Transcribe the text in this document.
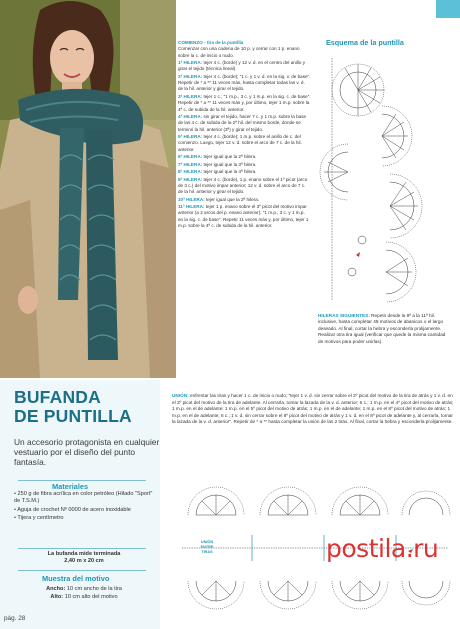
COMIENZO - tira de la puntilla
Comenzar con una cadena de 10 p. y cerrar con 1 p. enano sobre la c. de inicio o nudo.

1ª HILERA: tejer 4 c. (borde) y 12 v. d. en el centro del anillo y girar el tejido (técnica lineal).

2ª HILERA: tejer 4 c. (borde); "1 c. y 1 v. d. en la sig. v. de base". Repetir de * a ** 11 veces más, hasta completar todas las v. d. de la hil. anterior y girar el tejido.

3ª HILERA: tejer 1 c.; "1 m.p., 3 c. y 1 m.p. en la sig. c. de base". Repetir de * a ** 11 veces más y, por último, tejer 1 m.p. sobre la 4ª c. de subida de la hil. anterior.

4ª HILERA: sin girar el tejido, hacer 7 c. y 1 m.p. sobre la base de las 4 c. de subida de la 2ª hil. del mismo borde, donde se terminó la hil. anterior (3ª) y girar el tejido.

5ª HILERA: tejer 4 c. (borde); 1 m.p. sobre el anillo de c. del comienzo. Luego, tejer 12 v. d. sobre el arco de 7 c. de la hil. anterior.

6ª HILERA: tejer igual que la 2ª hilera.

7ª HILERA: tejer igual que la 3ª hilera.

8ª HILERA: tejer igual que la 4ª hilera.

9ª HILERA: tejer 4 c. (borde), 1 p. enano sobre el 1º picot (arco de 3 c.) del motivo impar anterior; 12 v. d. sobre el arco de 7 c. de la hil. anterior y girar el tejido.

10ª HILERA: tejer igual que la 2ª hilera.

11ª HILERA: tejer 1 p. enano sobre el 3º picot del motivo impar anterior (a 2 arcos del p. enano anterior); "1 m.p., 3 c. y 1 m.p. en la sig. c. de base". Repetir 11 veces más y, por último, tejer 1 m.p. sobre la 4ª c. de subida de la hil. anterior.

Esquema de la puntilla
HILERAS SIGUIENTES: Repetir desde la 8ª a la 11ª hil. inclusive, hasta completar 48 motivos de abanicos o el largo deseado. Al final, cortar la hebra y esconderla prolijamente. Realizar otra tira igual (verificar que quede la misma cantidad de motivos para poder unirlas).
BUFANDA
DE PUNTILLA
Un accesorio protagonista en cualquier vestuario por el diseño del punto fantasía.
Materiales
• 250 g de fibra acrílica en color petróleo (Hilado "Sport" de T.S.M.)
• Aguja de crochet Nº 0000 de acero inoxidable
• Tijera y centímetro
La bufanda mide terminada
2,40 m x 20 cm
Muestra del motivo
Ancho: 10 cm ancho de la tira
Alto: 10 cm alto del motivo
pág. 28
UNIÓN: enfrentar las tiras y hacer 1 c. de inicio o nudo; "tejer 1 v. d. sin cerrar sobre el 2º picot del motivo de la tira de atrás y 1 v. d. en el 2º picot del motivo de la tira de adelante. Al cerrarla, tomar la lazada de la v. d. anterior; 6 c.; 1 m.p. en el 4º picot del motivo de atrás; 1 m.p. en el de adelante; 1 m.p. en el 5º picot del motivo de atrás; 1 m.p. en el de adelante; 1 m.p. en el 8º picot del motivo de atrás; 1 m.p. en el de adelante; 6 c.; 1 v. d. sin cerrar sobre el 8º picot del motivo de atrás y 1 v. d. en el 8º picot de adelante y, al cerrarla, tomar la lazada de la v. d. anterior". Repetir de * a ** hasta completar la unión de las 2 tiras. Al final, cortar la hebra y esconderla prolijamente.
UNIÓN ENTRE TIRAS	postila.ru
